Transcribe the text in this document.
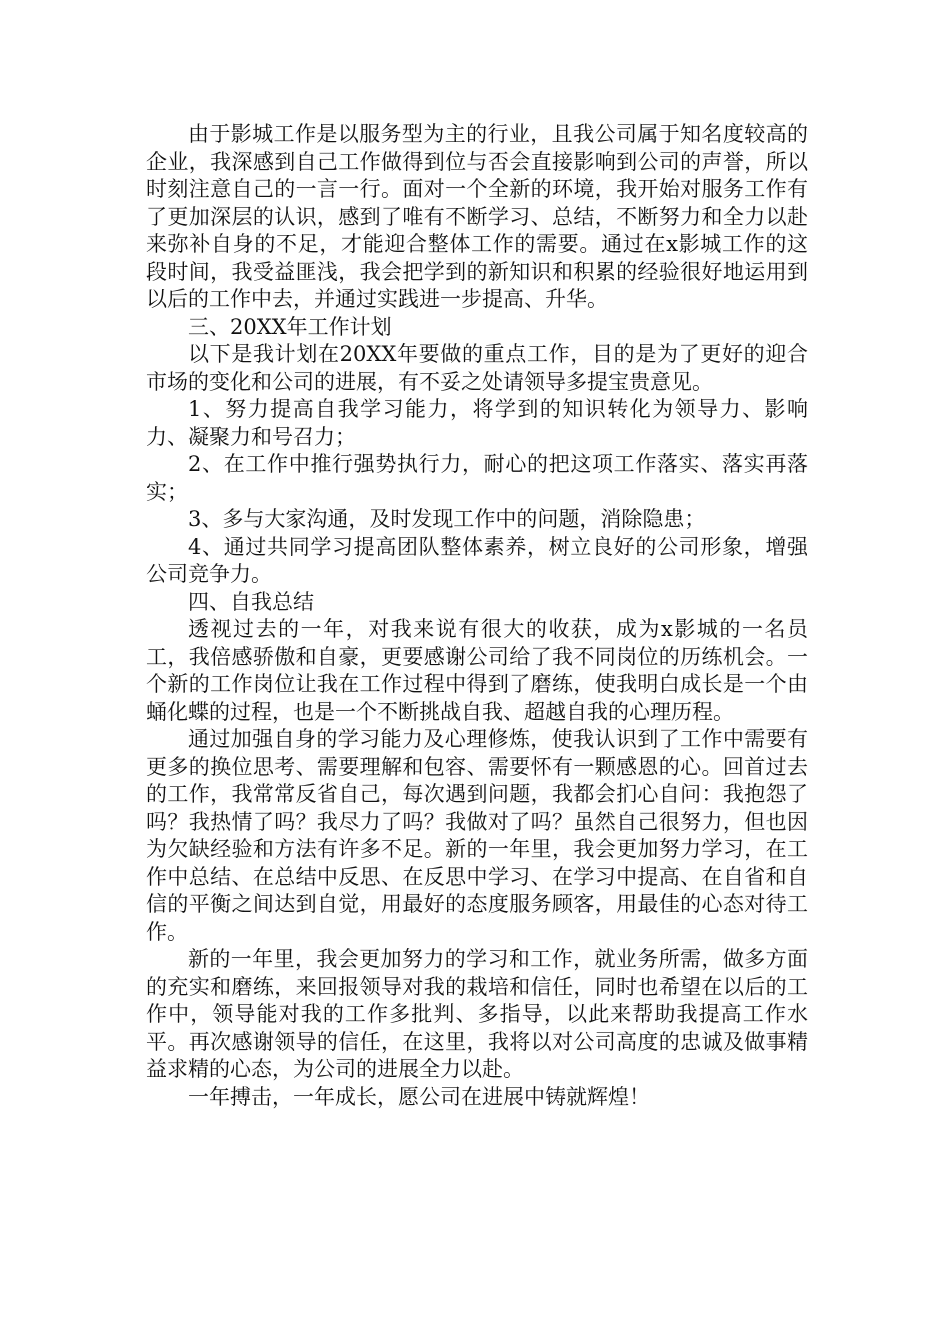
由于影城工作是以服务型为主的行业，且我公司属于知名度较高的企业，我深感到自己工作做得到位与否会直接影响到公司的声誉，所以时刻注意自己的一言一行。面对一个全新的环境，我开始对服务工作有了更加深层的认识，感到了唯有不断学习、总结，不断努力和全力以赴来弥补自身的不足，才能迎合整体工作的需要。通过在x影城工作的这段时间，我受益匪浅，我会把学到的新知识和积累的经验很好地运用到以后的工作中去，并通过实践进一步提高、升华。

三、20XX年工作计划

以下是我计划在20XX年要做的重点工作，目的是为了更好的迎合市场的变化和公司的进展，有不妥之处请领导多提宝贵意见。

1、努力提高自我学习能力，将学到的知识转化为领导力、影响力、凝聚力和号召力；

2、在工作中推行强势执行力，耐心的把这项工作落实、落实再落实；

3、多与大家沟通，及时发现工作中的问题，消除隐患；

4、通过共同学习提高团队整体素养，树立良好的公司形象，增强公司竞争力。

四、自我总结

透视过去的一年，对我来说有很大的收获，成为x影城的一名员工，我倍感骄傲和自豪，更要感谢公司给了我不同岗位的历练机会。一个新的工作岗位让我在工作过程中得到了磨练，使我明白成长是一个由蛹化蝶的过程，也是一个不断挑战自我、超越自我的心理历程。

通过加强自身的学习能力及心理修炼，使我认识到了工作中需要有更多的换位思考、需要理解和包容、需要怀有一颗感恩的心。回首过去的工作，我常常反省自己，每次遇到问题，我都会扪心自问：我抱怨了吗？我热情了吗？我尽力了吗？我做对了吗？虽然自己很努力，但也因为欠缺经验和方法有许多不足。新的一年里，我会更加努力学习，在工作中总结、在总结中反思、在反思中学习、在学习中提高、在自省和自信的平衡之间达到自觉，用最好的态度服务顾客，用最佳的心态对待工作。

新的一年里，我会更加努力的学习和工作，就业务所需，做多方面的充实和磨练，来回报领导对我的栽培和信任，同时也希望在以后的工作中，领导能对我的工作多批判、多指导，以此来帮助我提高工作水平。再次感谢领导的信任，在这里，我将以对公司高度的忠诚及做事精益求精的心态，为公司的进展全力以赴。

一年搏击，一年成长，愿公司在进展中铸就辉煌！
